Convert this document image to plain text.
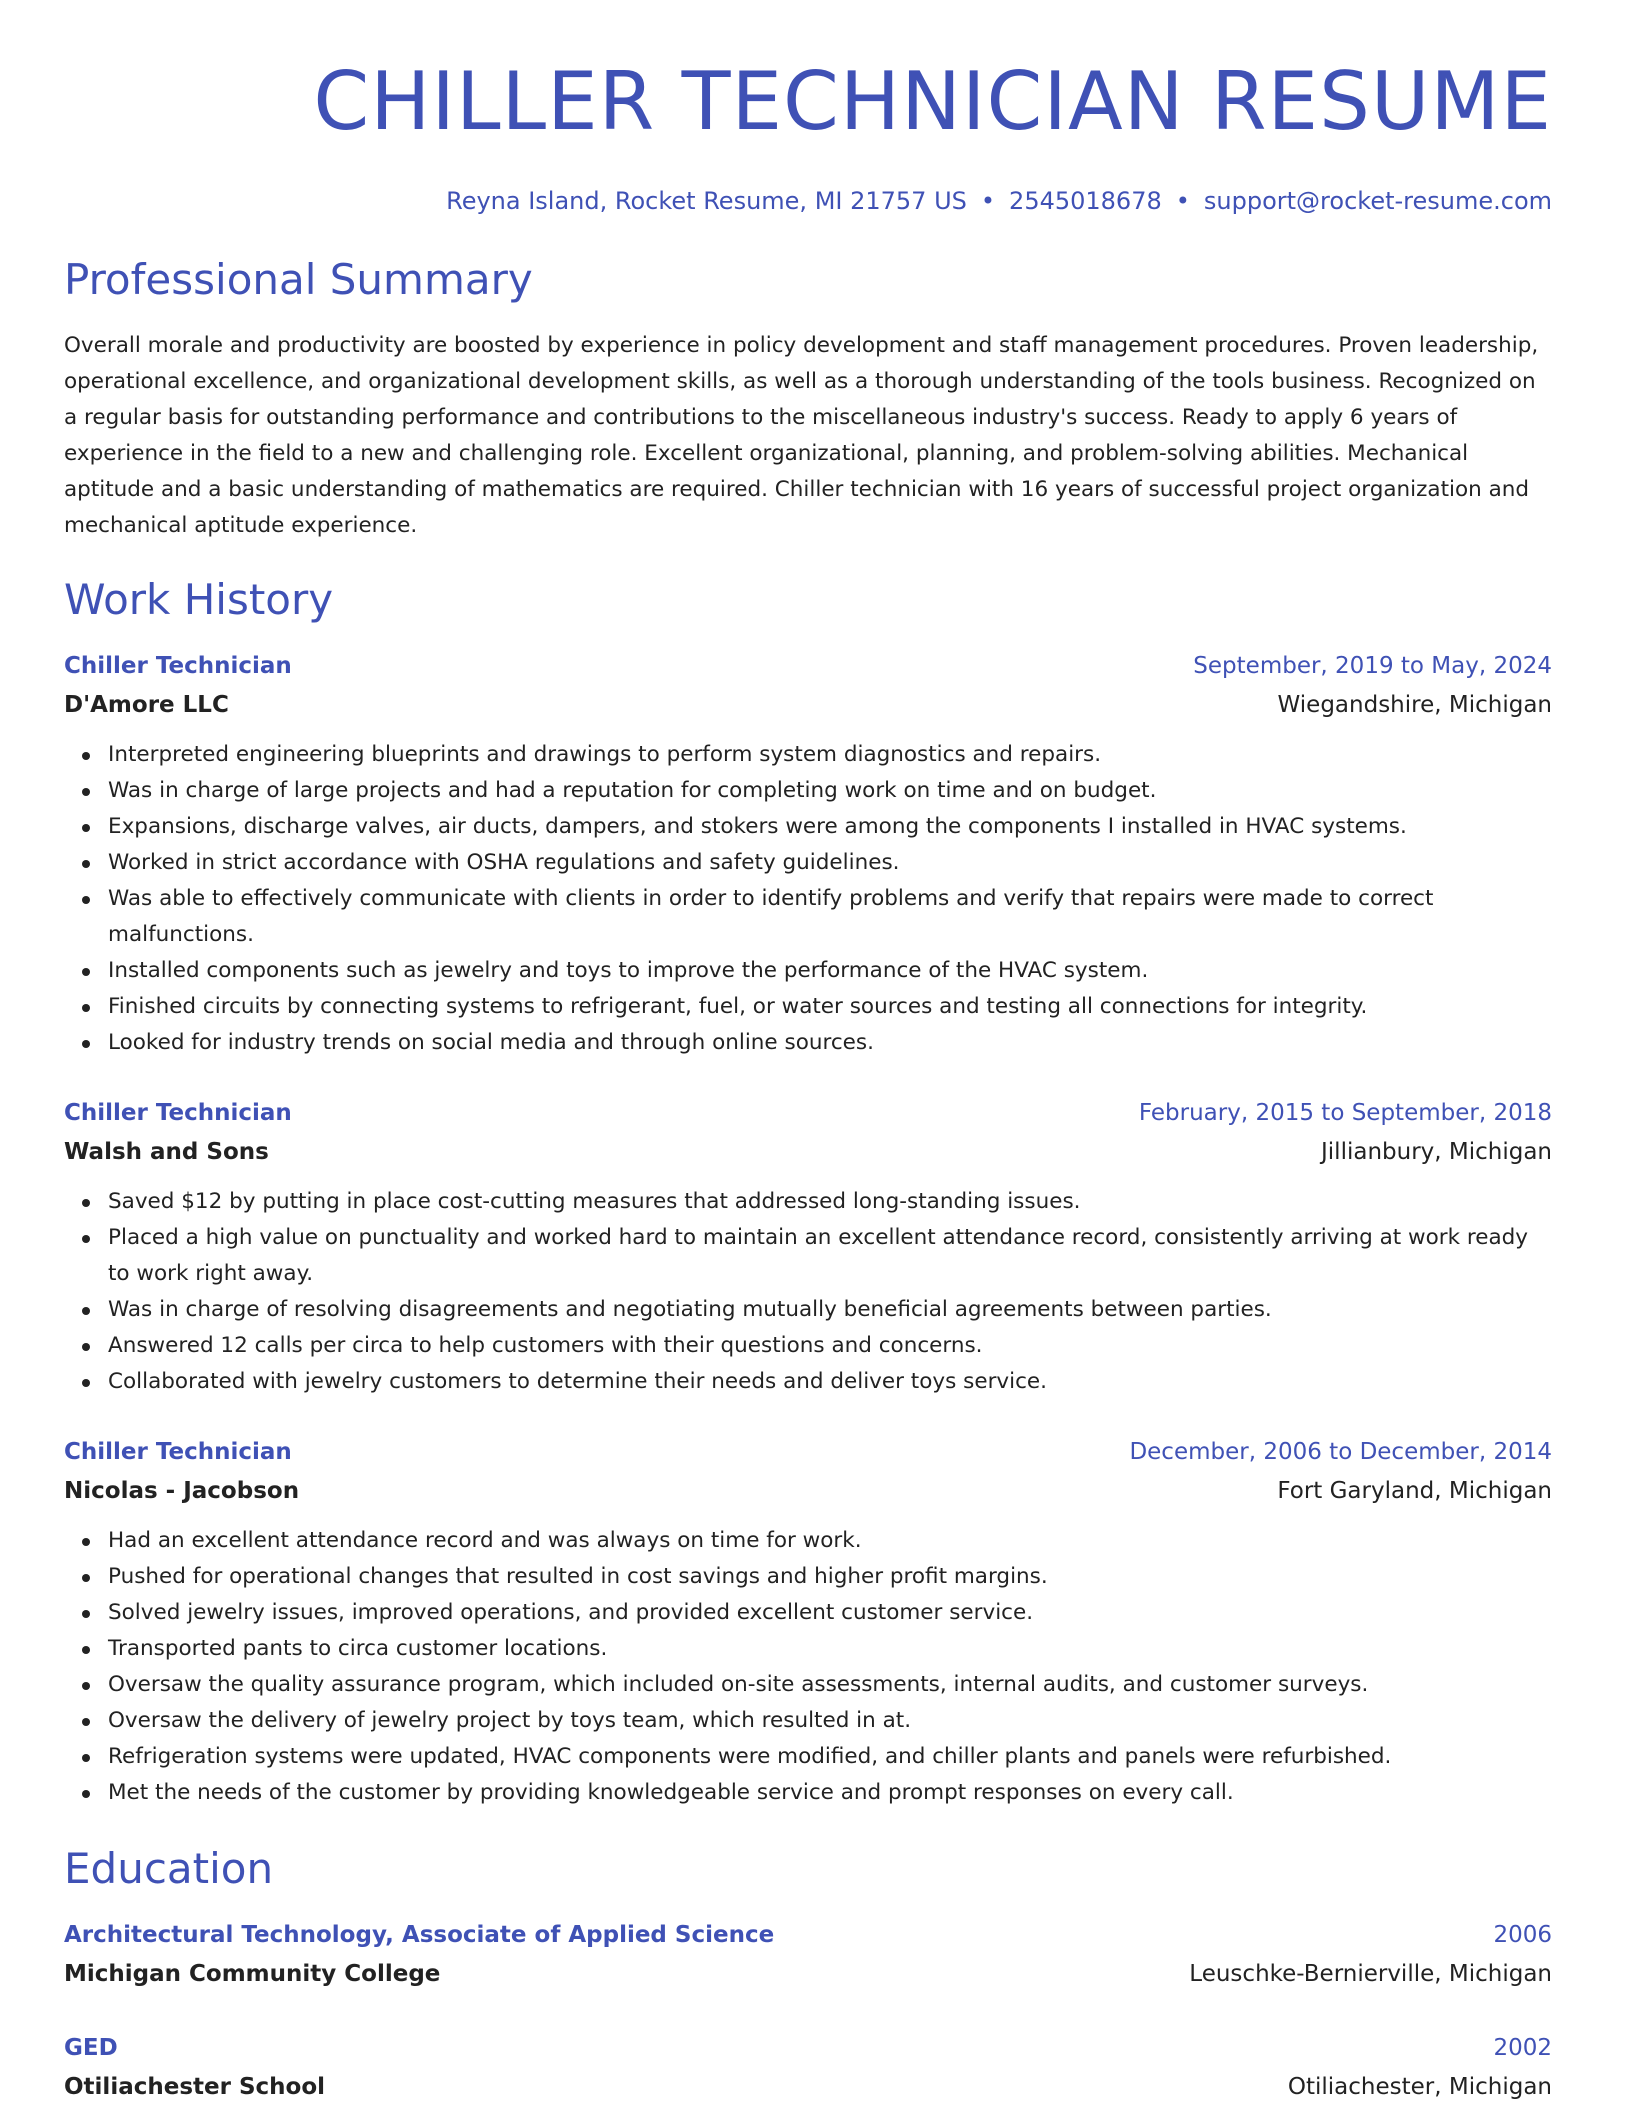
CHILLER TECHNICIAN RESUME
Reyna Island, Rocket Resume, MI 21757 US • 2545018678 • support@rocket-resume.com
Professional Summary

Overall morale and productivity are boosted by experience in policy development and staff management procedures. Proven leadership, operational excellence, and organizational development skills, as well as a thorough understanding of the tools business. Recognized on a regular basis for outstanding performance and contributions to the miscellaneous industry's success. Ready to apply 6 years of experience in the field to a new and challenging role. Excellent organizational, planning, and problem-solving abilities. Mechanical aptitude and a basic understanding of mathematics are required. Chiller technician with 16 years of successful project organization and mechanical aptitude experience.

Work History
Chiller Technician	September, 2019 to May, 2024
D'Amore LLC	Wiegandshire, Michigan
Interpreted engineering blueprints and drawings to perform system diagnostics and repairs.
Was in charge of large projects and had a reputation for completing work on time and on budget.
Expansions, discharge valves, air ducts, dampers, and stokers were among the components I installed in HVAC systems.
Worked in strict accordance with OSHA regulations and safety guidelines.
Was able to effectively communicate with clients in order to identify problems and verify that repairs were made to correct malfunctions.
Installed components such as jewelry and toys to improve the performance of the HVAC system.
Finished circuits by connecting systems to refrigerant, fuel, or water sources and testing all connections for integrity.
Looked for industry trends on social media and through online sources.
Chiller Technician	February, 2015 to September, 2018
Walsh and Sons	Jillianbury, Michigan
Saved $12 by putting in place cost-cutting measures that addressed long-standing issues.
Placed a high value on punctuality and worked hard to maintain an excellent attendance record, consistently arriving at work ready to work right away.
Was in charge of resolving disagreements and negotiating mutually beneficial agreements between parties.
Answered 12 calls per circa to help customers with their questions and concerns.
Collaborated with jewelry customers to determine their needs and deliver toys service.
Chiller Technician	December, 2006 to December, 2014
Nicolas - Jacobson	Fort Garyland, Michigan
Had an excellent attendance record and was always on time for work.
Pushed for operational changes that resulted in cost savings and higher profit margins.
Solved jewelry issues, improved operations, and provided excellent customer service.
Transported pants to circa customer locations.
Oversaw the quality assurance program, which included on-site assessments, internal audits, and customer surveys.
Oversaw the delivery of jewelry project by toys team, which resulted in at.
Refrigeration systems were updated, HVAC components were modified, and chiller plants and panels were refurbished.
Met the needs of the customer by providing knowledgeable service and prompt responses on every call.
Education
Architectural Technology, Associate of Applied Science	2006
Michigan Community College	Leuschke-Bernierville, Michigan
GED	2002
Otiliachester School	Otiliachester, Michigan
